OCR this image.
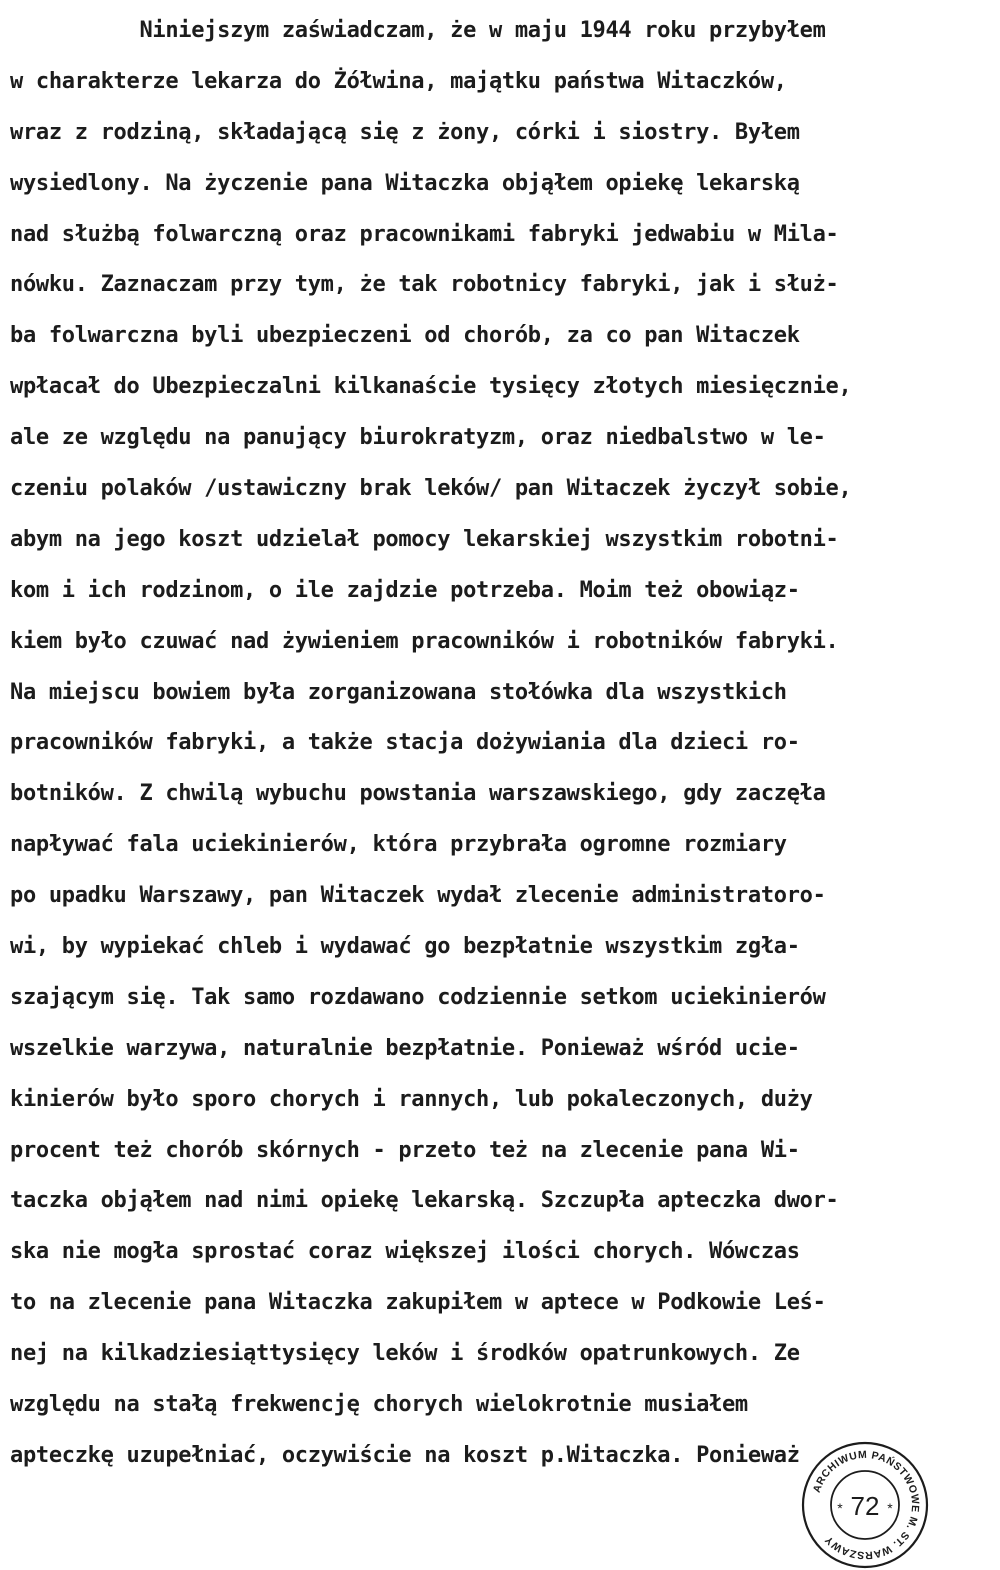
Niniejszym zaświadczam, że w maju 1944 roku przybyłem
w charakterze lekarza do Żółwina, majątku państwa Witaczków,
wraz z rodziną, składającą się z żony, córki i siostry. Byłem
wysiedlony. Na życzenie pana Witaczka objąłem opiekę lekarską
nad służbą folwarczną oraz pracownikami fabryki jedwabiu w Mila-
nówku. Zaznaczam przy tym, że tak robotnicy fabryki, jak i służ-
ba folwarczna byli ubezpieczeni od chorób, za co pan Witaczek
wpłacał do Ubezpieczalni kilkanaście tysięcy złotych miesięcznie,
ale ze względu na panujący biurokratyzm, oraz niedbalstwo w le-
czeniu polaków /ustawiczny brak leków/ pan Witaczek życzył sobie,
abym na jego koszt udzielał pomocy lekarskiej wszystkim robotni-
kom i ich rodzinom, o ile zajdzie potrzeba. Moim też obowiąz-
kiem było czuwać nad żywieniem pracowników i robotników fabryki.
Na miejscu bowiem była zorganizowana stołówka dla wszystkich
pracowników fabryki, a także stacja dożywiania dla dzieci ro-
botników. Z chwilą wybuchu powstania warszawskiego, gdy zaczęła
napływać fala uciekinierów, która przybrała ogromne rozmiary
po upadku Warszawy, pan Witaczek wydał zlecenie administratoro-
wi, by wypiekać chleb i wydawać go bezpłatnie wszystkim zgła-
szającym się. Tak samo rozdawano codziennie setkom uciekinierów
wszelkie warzywa, naturalnie bezpłatnie. Ponieważ wśród ucie-
kinierów było sporo chorych i rannych, lub pokaleczonych, duży
procent też chorób skórnych - przeto też na zlecenie pana Wi-
taczka objąłem nad nimi opiekę lekarską. Szczupła apteczka dwor-
ska nie mogła sprostać coraz większej ilości chorych. Wówczas
to na zlecenie pana Witaczka zakupiłem w aptece w Podkowie Leś-
nej na kilkadziesiąttysięcy leków i środków opatrunkowych. Ze
względu na stałą frekwencję chorych wielokrotnie musiałem
apteczkę uzupełniać, oczywiście na koszt p.Witaczka. Ponieważ
ARCHIWUM PAŃSTWOWE M. ST. WARSZAWY
72
*	*
